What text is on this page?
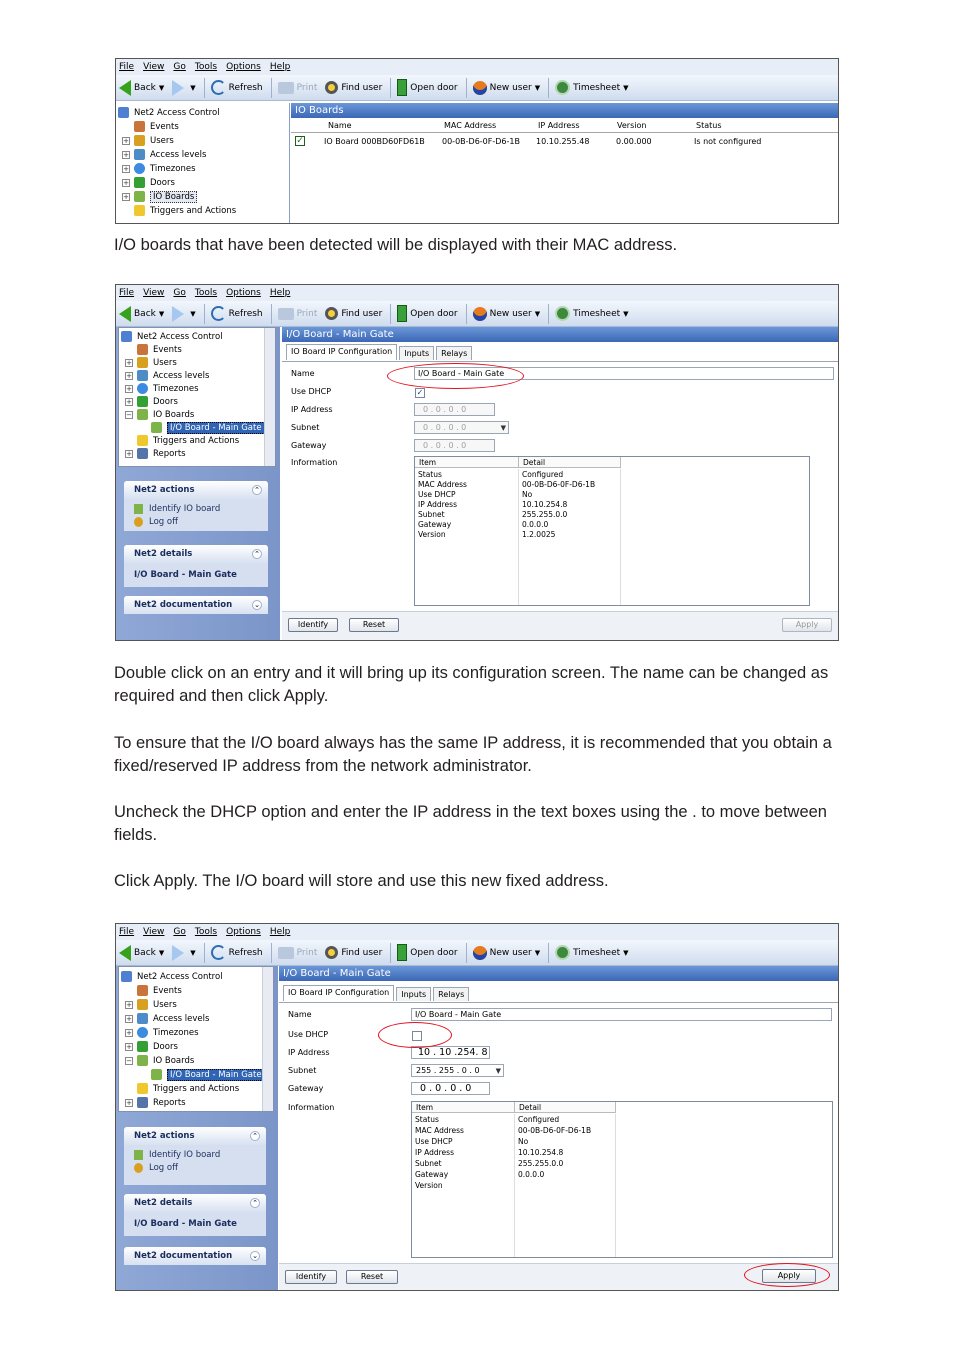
File View Go Tools Options Help
Back ▼	▼	Refresh	Print	Find user	Open door	New user ▼	Timesheet ▼
Net2 Access Control
Events
+ Users
+ Access levels
+ Timezones
+ Doors
+	IO Boards
Triggers and Actions
IO Boards
Name	MAC Address	IP Address	Version	Status
✓	IO Board 000BD60FD61B 00-0B-D6-0F-D6-1B 10.10.255.48	0.00.000	Is not configured
I/O boards that have been detected will be displayed with their MAC address.
File View Go Tools Options Help
Back ▼	▼	Refresh	Print	Find user	Open door	New user ▼	Timesheet ▼
Net2 Access Control
Events
+ Users
+ Access levels
+ Timezones
+ Doors
− IO Boards
I/O Board - Main Gate
Triggers and Actions
+ Reports
Net2 actions	⌃
Identify IO board
Log off
Net2 details	⌃
I/O Board - Main Gate
Net2 documentation	⌄
I/O Board - Main Gate
IO Board IP Configuration	Inputs	Relays
Name	I/O Board - Main Gate
Use DHCP	✓
IP Address	0 . 0 . 0 . 0
Subnet	0 . 0 . 0 . 0	▼
Gateway	0 . 0 . 0 . 0
Information	Item	Detail
Status	Configured
MAC Address	00-0B-D6-0F-D6-1B
Use DHCP	No
IP Address	10.10.254.8
Subnet	255.255.0.0
Gateway	0.0.0.0
Version	1.2.0025
Identify	Reset	Apply
Double click on an entry and it will bring up its configuration screen. The name can be changed as required and then click Apply.
To ensure that the I/O board always has the same IP address, it is recommended that you obtain a fixed/reserved IP address from the network administrator.
Uncheck the DHCP option and enter the IP address in the text boxes using the . to move between fields.
Click Apply. The I/O board will store and use this new fixed address.
File View Go Tools Options Help
Back ▼	▼	Refresh	Print	Find user	Open door	New user ▼	Timesheet ▼
Net2 Access Control
Events
+ Users
+ Access levels
+ Timezones
+ Doors
− IO Boards
I/O Board - Main Gate
Triggers and Actions
+ Reports
Net2 actions	⌃
Identify IO board
Log off
Net2 details	⌃
I/O Board - Main Gate
Net2 documentation	⌄
I/O Board - Main Gate
IO Board IP Configuration	Inputs	Relays
Name	I/O Board - Main Gate
Use DHCP
IP Address	10 . 10 .254. 8
Subnet	255 . 255 . 0 . 0 ▼
Gateway	0 . 0 . 0 . 0
Information	Item	Detail
Status	Configured
MAC Address	00-0B-D6-0F-D6-1B
Use DHCP	No
IP Address	10.10.254.8
Subnet	255.255.0.0
Gateway	0.0.0.0
Version
Identify	Reset	Apply
